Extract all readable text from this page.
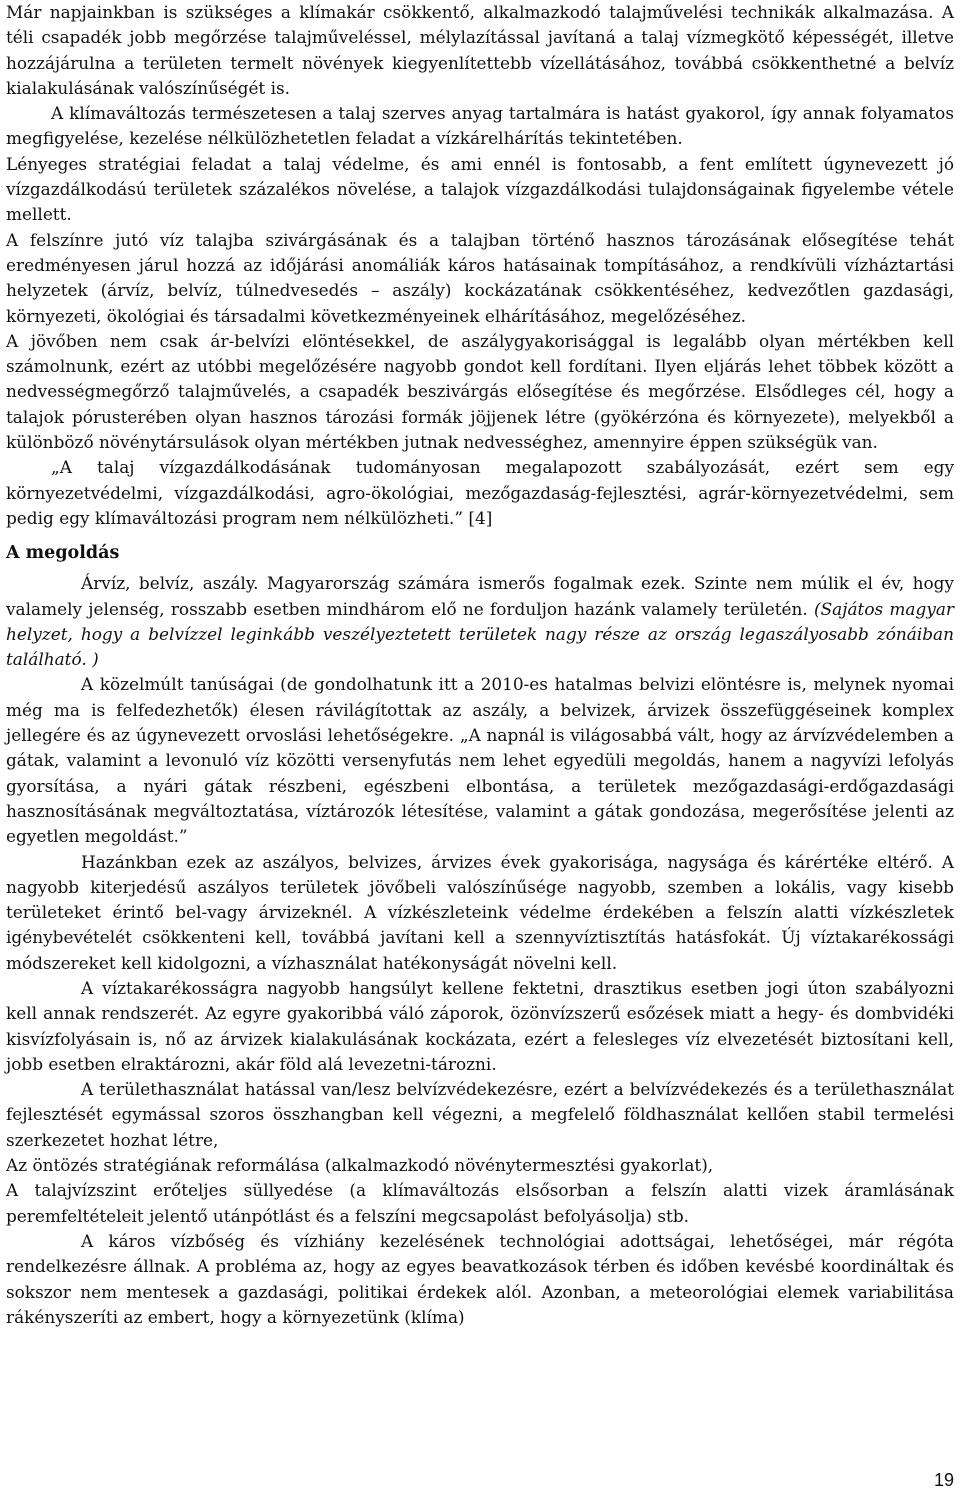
Már napjainkban is szükséges a klímakár csökkentő, alkalmazkodó talajművelési technikák alkalmazása. A téli csapadék jobb megőrzése talajműveléssel, mélylazítással javítaná a talaj vízmegkötő képességét, illetve hozzájárulna a területen termelt növények kiegyenlítettebb vízellátásához, továbbá csökkenthetné a belvíz kialakulásának valószínűségét is.

A klímaváltozás természetesen a talaj szerves anyag tartalmára is hatást gyakorol, így annak folyamatos megfigyelése, kezelése nélkülözhetetlen feladat a vízkárelhárítás tekintetében.

Lényeges stratégiai feladat a talaj védelme, és ami ennél is fontosabb, a fent említett úgynevezett jó vízgazdálkodású területek százalékos növelése, a talajok vízgazdálkodási tulajdonságainak figyelembe vétele mellett.

A felszínre jutó víz talajba szivárgásának és a talajban történő hasznos tározásának elősegítése tehát eredményesen járul hozzá az időjárási anomáliák káros hatásainak tompításához, a rendkívüli vízháztartási helyzetek (árvíz, belvíz, túlnedvesedés – aszály) kockázatának csökkentéséhez, kedvezőtlen gazdasági, környezeti, ökológiai és társadalmi következményeinek elhárításához, megelőzéséhez.

A jövőben nem csak ár-belvízi elöntésekkel, de aszálygyakorisággal is legalább olyan mértékben kell számolnunk, ezért az utóbbi megelőzésére nagyobb gondot kell fordítani. Ilyen eljárás lehet többek között a nedvességmegőrző talajművelés, a csapadék beszivárgás elősegítése és megőrzése. Elsődleges cél, hogy a talajok pórusterében olyan hasznos tározási formák jöjjenek létre (gyökérzóna és környezete), melyekből a különböző növénytársulások olyan mértékben jutnak nedvességhez, amennyire éppen szükségük van.

„A talaj vízgazdálkodásának tudományosan megalapozott szabályozását, ezért sem egy környezetvédelmi, vízgazdálkodási, agro-ökológiai, mezőgazdaság-fejlesztési, agrár-környezetvédelmi, sem pedig egy klímaváltozási program nem nélkülözheti.” [4]

A megoldás

Árvíz, belvíz, aszály. Magyarország számára ismerős fogalmak ezek. Szinte nem múlik el év, hogy valamely jelenség, rosszabb esetben mindhárom elő ne forduljon hazánk valamely területén. (Sajátos magyar helyzet, hogy a belvízzel leginkább veszélyeztetett területek nagy része az ország legaszályosabb zónáiban található. )

A közelmúlt tanúságai (de gondolhatunk itt a 2010-es hatalmas belvizi elöntésre is, melynek nyomai még ma is felfedezhetők) élesen rávilágítottak az aszály, a belvizek, árvizek összefüggéseinek komplex jellegére és az úgynevezett orvoslási lehetőségekre. „A napnál is világosabbá vált, hogy az árvízvédelemben a gátak, valamint a levonuló víz közötti versenyfutás nem lehet egyedüli megoldás, hanem a nagyvízi lefolyás gyorsítása, a nyári gátak részbeni, egészbeni elbontása, a területek mezőgazdasági-erdőgazdasági hasznosításának megváltoztatása, víztározók létesítése, valamint a gátak gondozása, megerősítése jelenti az egyetlen megoldást.”

Hazánkban ezek az aszályos, belvizes, árvizes évek gyakorisága, nagysága és kárértéke eltérő. A nagyobb kiterjedésű aszályos területek jövőbeli valószínűsége nagyobb, szemben a lokális, vagy kisebb területeket érintő bel-vagy árvizeknél. A vízkészleteink védelme érdekében a felszín alatti vízkészletek igénybevételét csökkenteni kell, továbbá javítani kell a szennyvíztisztítás hatásfokát. Új víztakarékossági módszereket kell kidolgozni, a vízhasználat hatékonyságát növelni kell.

A víztakarékosságra nagyobb hangsúlyt kellene fektetni, drasztikus esetben jogi úton szabályozni kell annak rendszerét. Az egyre gyakoribbá váló záporok, özönvízszerű esőzések miatt a hegy- és dombvidéki kisvízfolyásain is, nő az árvizek kialakulásának kockázata, ezért a felesleges víz elvezetését biztosítani kell, jobb esetben elraktározni, akár föld alá levezetni-tározni.

A területhasználat hatással van/lesz belvízvédekezésre, ezért a belvízvédekezés és a területhasználat fejlesztését egymással szoros összhangban kell végezni, a megfelelő földhasználat kellően stabil termelési szerkezetet hozhat létre,

Az öntözés stratégiának reformálása (alkalmazkodó növénytermesztési gyakorlat),

A talajvízszint erőteljes süllyedése (a klímaváltozás elsősorban a felszín alatti vizek áramlásának peremfeltételeit jelentő utánpótlást és a felszíni megcsapolást befolyásolja) stb.

A káros vízbőség és vízhiány kezelésének technológiai adottságai, lehetőségei, már régóta rendelkezésre állnak. A probléma az, hogy az egyes beavatkozások térben és időben kevésbé koordináltak és sokszor nem mentesek a gazdasági, politikai érdekek alól. Azonban, a meteorológiai elemek variabilitása rákényszeríti az embert, hogy a környezetünk (klíma)

19
